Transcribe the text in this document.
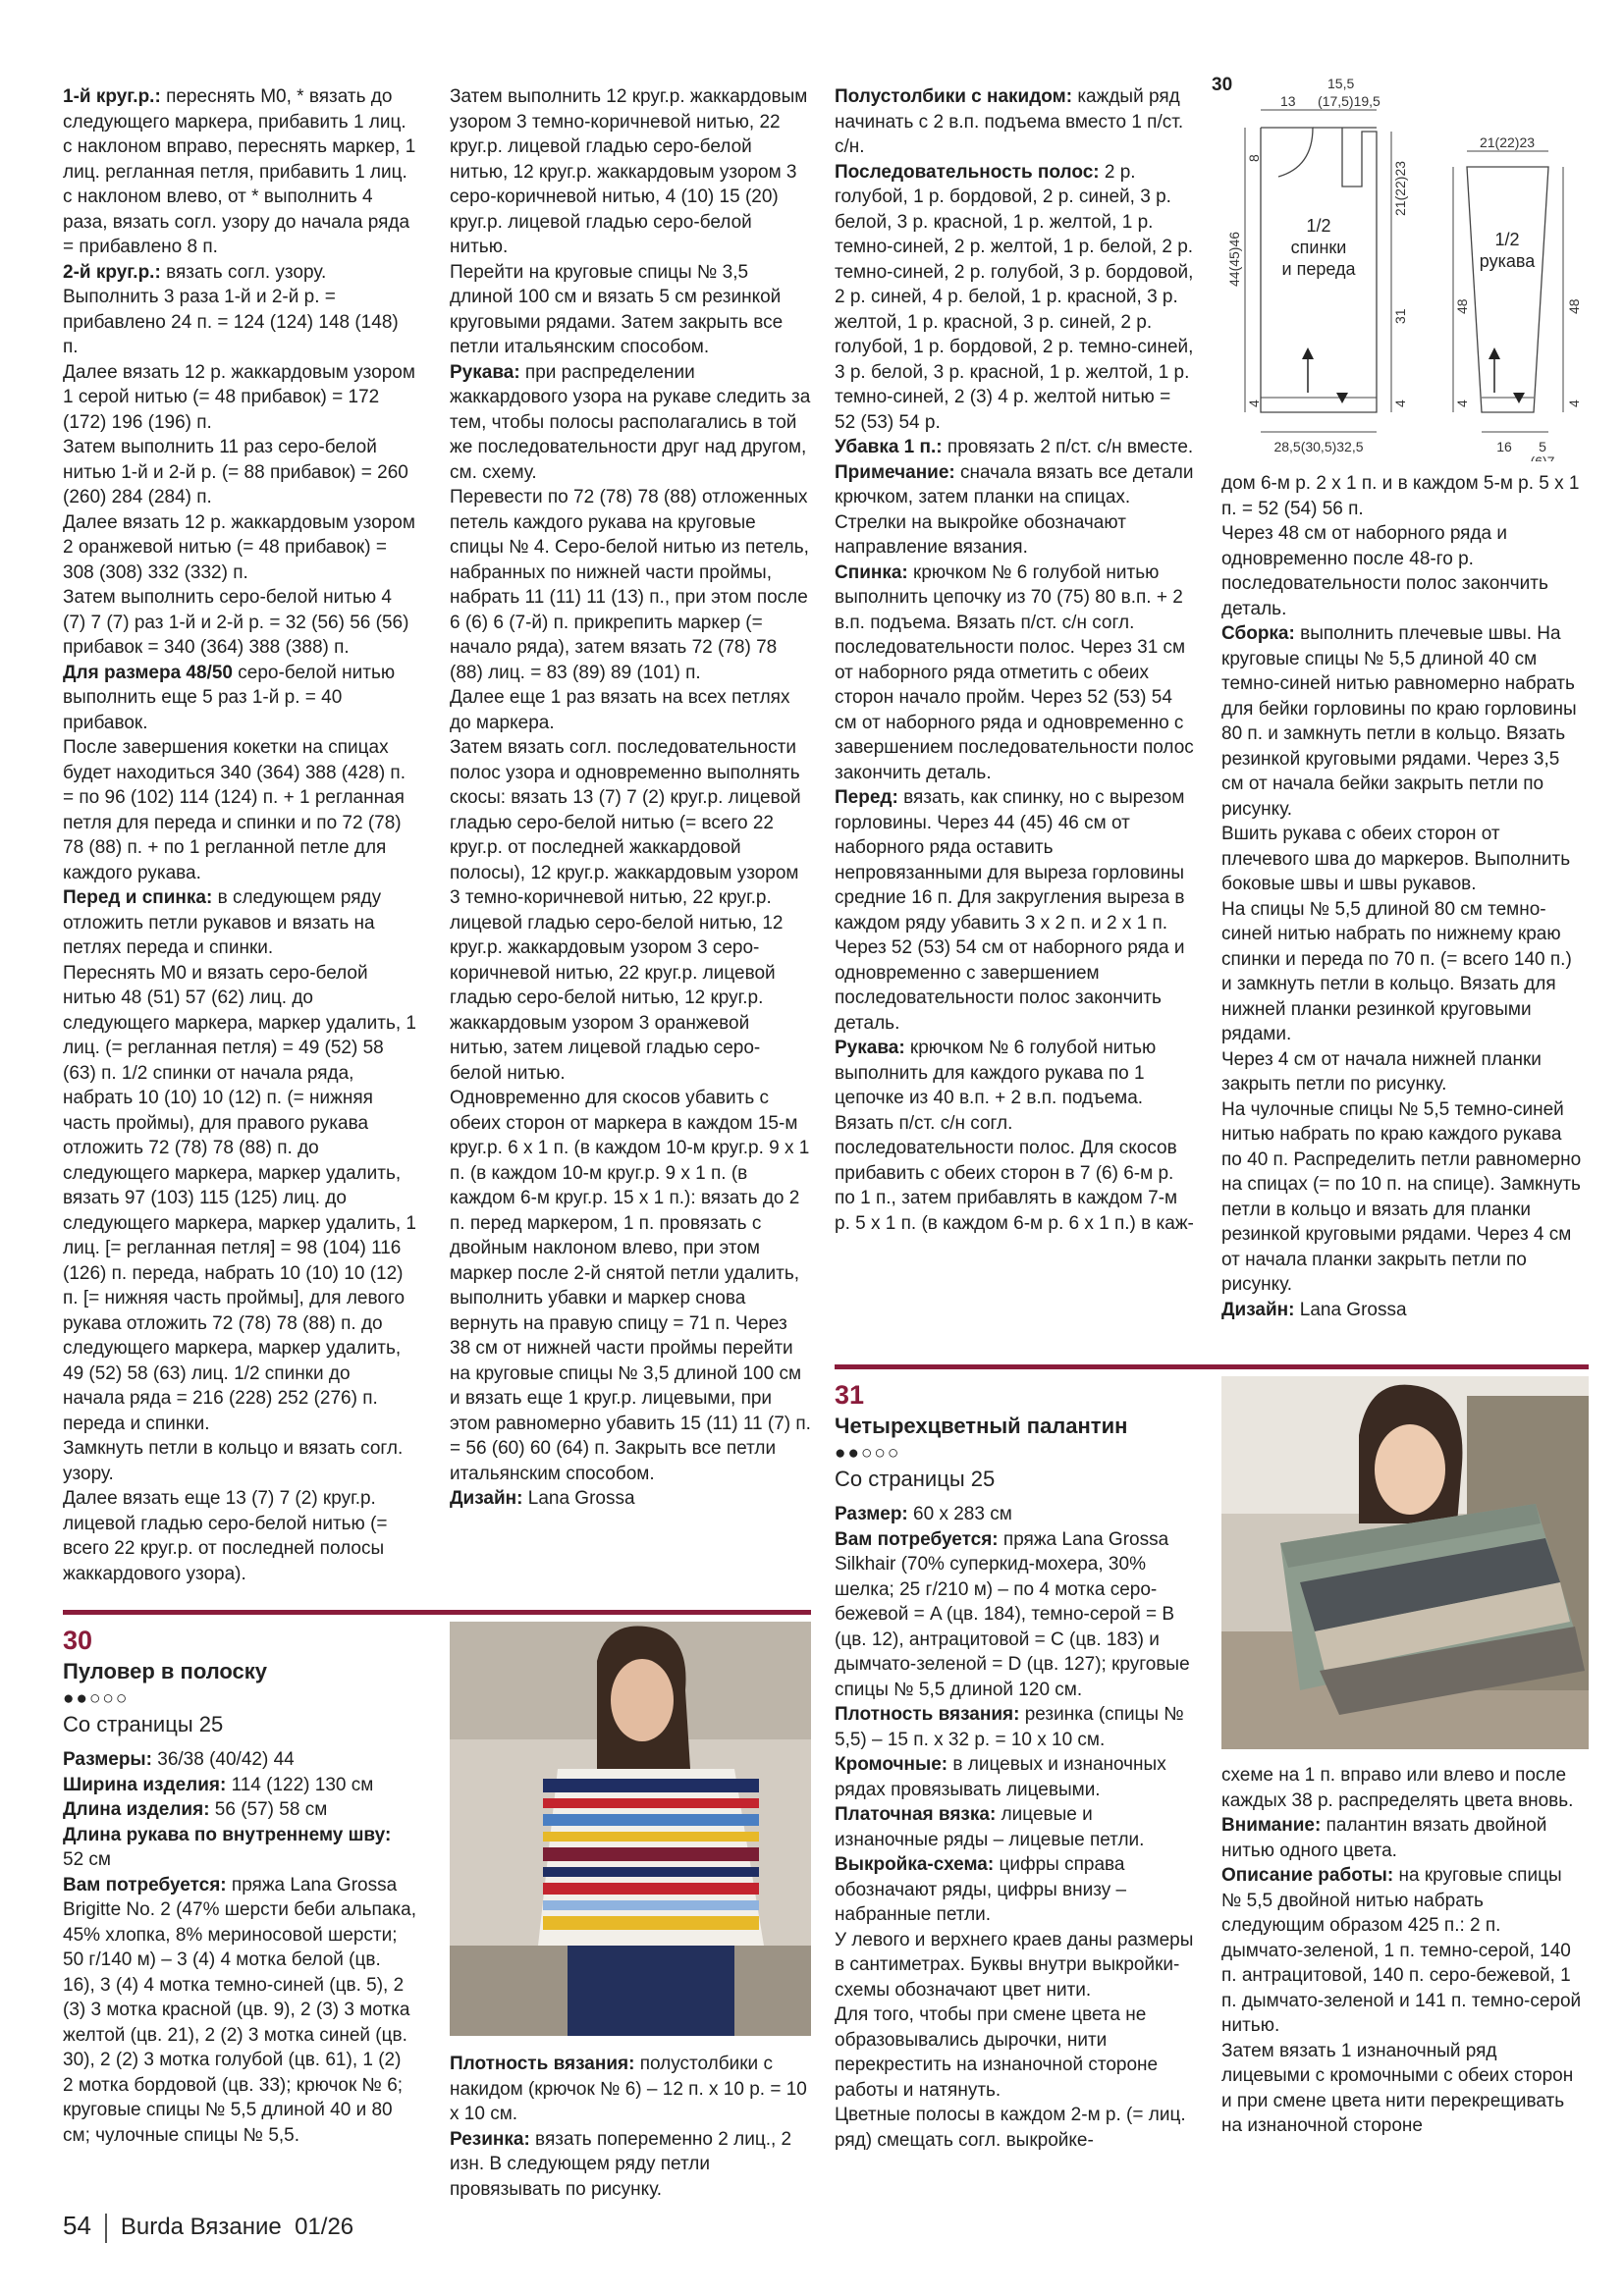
1-й круг.р.: переснять М0, * вязать до следующего маркера, прибавить 1 лиц. с наклоном вправо, переснять маркер, 1 лиц. регланная петля, прибавить 1 лиц. с наклоном влево, от * выполнить 4 раза, вязать согл. узору до начала ряда = прибавлено 8 п.

2-й круг.р.: вязать согл. узору.

Выполнить 3 раза 1-й и 2-й р. = прибавлено 24 п. = 124 (124) 148 (148) п.

Далее вязать 12 р. жаккардовым узором 1 серой нитью (= 48 прибавок) = 172 (172) 196 (196) п.

Затем выполнить 11 раз серо-белой нитью 1-й и 2-й р. (= 88 прибавок) = 260 (260) 284 (284) п.

Далее вязать 12 р. жаккардовым узором 2 оранжевой нитью (= 48 прибавок) = 308 (308) 332 (332) п.

Затем выполнить серо-белой нитью 4 (7) 7 (7) раз 1-й и 2-й р. = 32 (56) 56 (56) прибавок = 340 (364) 388 (388) п.

Для размера 48/50 серо-белой нитью выполнить еще 5 раз 1-й р. = 40 прибавок.

После завершения кокетки на спицах будет находиться 340 (364) 388 (428) п. = по 96 (102) 114 (124) п. + 1 регланная петля для переда и спинки и по 72 (78) 78 (88) п. + по 1 регланной петле для каждого рукава.

Перед и спинка: в следующем ряду отложить петли рукавов и вязать на петлях переда и спинки.

Переснять М0 и вязать серо-белой нитью 48 (51) 57 (62) лиц. до следующего маркера, маркер удалить, 1 лиц. (= регланная петля) = 49 (52) 58 (63) п. 1/2 спинки от начала ряда, набрать 10 (10) 10 (12) п. (= нижняя часть проймы), для правого рукава отложить 72 (78) 78 (88) п. до следующего маркера, маркер удалить, вязать 97 (103) 115 (125) лиц. до следующего маркера, маркер удалить, 1 лиц. [= регланная петля] = 98 (104) 116 (126) п. переда, набрать 10 (10) 10 (12) п. [= нижняя часть проймы], для левого рукава отложить 72 (78) 78 (88) п. до следующего маркера, маркер удалить, 49 (52) 58 (63) лиц. 1/2 спинки до начала ряда = 216 (228) 252 (276) п. переда и спинки.

Замкнуть петли в кольцо и вязать согл. узору.

Далее вязать еще 13 (7) 7 (2) круг.р. лицевой гладью серо-белой нитью (= всего 22 круг.р. от последней полосы жаккардового узора).

Затем выполнить 12 круг.р. жаккардовым узором 3 темно-коричневой нитью, 22 круг.р. лицевой гладью серо-белой нитью, 12 круг.р. жаккардовым узором 3 серо-коричневой нитью, 4 (10) 15 (20) круг.р. лицевой гладью серо-белой нитью.

Перейти на круговые спицы № 3,5 длиной 100 см и вязать 5 см резинкой круговыми рядами. Затем закрыть все петли итальянским способом.

Рукава: при распределении жаккардового узора на рукаве следить за тем, чтобы полосы располагались в той же последовательности друг над другом, см. схему.

Перевести по 72 (78) 78 (88) отложенных петель каждого рукава на круговые спицы № 4. Серо-белой нитью из петель, набранных по нижней части проймы, набрать 11 (11) 11 (13) п., при этом после 6 (6) 6 (7-й) п. прикрепить маркер (= начало ряда), затем вязать 72 (78) 78 (88) лиц. = 83 (89) 89 (101) п.

Далее еще 1 раз вязать на всех петлях до маркера.

Затем вязать согл. последовательности полос узора и одновременно выполнять скосы: вязать 13 (7) 7 (2) круг.р. лицевой гладью серо-белой нитью (= всего 22 круг.р. от последней жаккардовой полосы), 12 круг.р. жаккардовым узором 3 темно-коричневой нитью, 22 круг.р. лицевой гладью серо-белой нитью, 12 круг.р. жаккардовым узором 3 серо-коричневой нитью, 22 круг.р. лицевой гладью серо-белой нитью, 12 круг.р. жаккардовым узором 3 оранжевой нитью, затем лицевой гладью серо-белой нитью.

Одновременно для скосов убавить с обеих сторон от маркера в каждом 15-м круг.р. 6 х 1 п. (в каждом 10-м круг.р. 9 х 1 п. (в каждом 10-м круг.р. 9 х 1 п. (в каждом 6-м круг.р. 15 х 1 п.): вязать до 2 п. перед маркером, 1 п. провязать с двойным наклоном влево, при этом маркер после 2-й снятой петли удалить, выполнить убавки и маркер снова вернуть на правую спицу = 71 п. Через 38 см от нижней части проймы перейти на круговые спицы № 3,5 длиной 100 см и вязать еще 1 круг.р. лицевыми, при этом равномерно убавить 15 (11) 11 (7) п. = 56 (60) 60 (64) п. Закрыть все петли итальянским способом.

Дизайн: Lana Grossa

Полустолбики с накидом: каждый ряд начинать с 2 в.п. подъема вместо 1 п/ст. с/н.

Последовательность полос: 2 р. голубой, 1 р. бордовой, 2 р. синей, 3 р. белой, 3 р. красной, 1 р. желтой, 1 р. темно-синей, 2 р. желтой, 1 р. белой, 2 р. темно-синей, 2 р. голубой, 3 р. бордовой, 2 р. синей, 4 р. белой, 1 р. красной, 3 р. желтой, 1 р. красной, 3 р. синей, 2 р. голубой, 1 р. бордовой, 2 р. темно-синей, 3 р. белой, 3 р. красной, 1 р. желтой, 1 р. темно-синей, 2 (3) 4 р. желтой нитью = 52 (53) 54 р.

Убавка 1 п.: провязать 2 п/ст. с/н вместе.

Примечание: сначала вязать все детали крючком, затем планки на спицах. Стрелки на выкройке обозначают направление вязания.

Спинка: крючком № 6 голубой нитью выполнить цепочку из 70 (75) 80 в.п. + 2 в.п. подъема. Вязать п/ст. с/н согл. последовательности полос. Через 31 см от наборного ряда отметить с обеих сторон начало пройм. Через 52 (53) 54 см от наборного ряда и одновременно с завершением последовательности полос закончить деталь.

Перед: вязать, как спинку, но с вырезом горловины. Через 44 (45) 46 см от наборного ряда оставить непровязанными для выреза горловины средние 16 п. Для закругления выреза в каждом ряду убавить 3 х 2 п. и 2 х 1 п. Через 52 (53) 54 см от наборного ряда и одновременно с завершением последовательности полос закончить деталь.

Рукава: крючком № 6 голубой нитью выполнить для каждого рукава по 1 цепочке из 40 в.п. + 2 в.п. подъема. Вязать п/ст. с/н согл. последовательности полос. Для скосов прибавить с обеих сторон в 7 (6) 6-м р. по 1 п., затем прибавлять в каждом 7-м р. 5 х 1 п. (в каждом 6-м р. 6 х 1 п.) в каж-

30
13
15,5
(17,5)19,5
44(45)46
8
4
21(22)23
31
4
1/2
спинки
и переда
28,5(30,5)32,5
21(22)23
48	48
4	4
1/2
рукава
16 5
(6)7

дом 6-м р. 2 х 1 п. и в каждом 5-м р. 5 х 1 п. = 52 (54) 56 п.

Через 48 см от наборного ряда и одновременно после 48-го р. последовательности полос закончить деталь.

Сборка: выполнить плечевые швы. На круговые спицы № 5,5 длиной 40 см темно-синей нитью равномерно набрать для бейки горловины по краю горловины 80 п. и замкнуть петли в кольцо. Вязать резинкой круговыми рядами. Через 3,5 см от начала бейки закрыть петли по рисунку.

Вшить рукава с обеих сторон от плечевого шва до маркеров. Выполнить боковые швы и швы рукавов.

На спицы № 5,5 длиной 80 см темно-синей нитью набрать по нижнему краю спинки и переда по 70 п. (= всего 140 п.) и замкнуть петли в кольцо. Вязать для нижней планки резинкой круговыми рядами.

Через 4 см от начала нижней планки закрыть петли по рисунку.

На чулочные спицы № 5,5 темно-синей нитью набрать по краю каждого рукава по 40 п. Распределить петли равномерно на спицах (= по 10 п. на спице). Замкнуть петли в кольцо и вязать для планки резинкой круговыми рядами. Через 4 см от начала планки закрыть петли по рисунку.

Дизайн: Lana Grossa

31
Четырехцветный палантин
●●○○○
Со страницы 25

Размер: 60 х 283 см

Вам потребуется: пряжа Lana Grossa Silkhair (70% суперкид-мохера, 30% шелка; 25 г/210 м) – по 4 мотка серо-бежевой = A (цв. 184), темно-серой = B (цв. 12), антрацитовой = C (цв. 183) и дымчато-зеленой = D (цв. 127); круговые спицы № 5,5 длиной 120 см.

Плотность вязания: резинка (спицы № 5,5) – 15 п. х 32 р. = 10 х 10 см.

Кромочные: в лицевых и изнаночных рядах провязывать лицевыми.

Платочная вязка: лицевые и изнаночные ряды – лицевые петли.

Выкройка-схема: цифры справа обозначают ряды, цифры внизу – набранные петли.

У левого и верхнего краев даны размеры в сантиметрах. Буквы внутри выкройки-схемы обозначают цвет нити.

Для того, чтобы при смене цвета не образовывались дырочки, нити перекрестить на изнаночной стороне работы и натянуть.

Цветные полосы в каждом 2-м р. (= лиц. ряд) смещать согл. выкройке-

схеме на 1 п. вправо или влево и после каждых 38 р. распределять цвета вновь.

Внимание: палантин вязать двойной нитью одного цвета.

Описание работы: на круговые спицы № 5,5 двойной нитью набрать следующим образом 425 п.: 2 п. дымчато-зеленой, 1 п. темно-серой, 140 п. антрацитовой, 140 п. серо-бежевой, 1 п. дымчато-зеленой и 141 п. темно-серой нитью.

Затем вязать 1 изнаночный ряд лицевыми с кромочными с обеих сторон и при смене цвета нити перекрещивать на изнаночной стороне

30
Пуловер в полоску
●●○○○
Со страницы 25

Размеры: 36/38 (40/42) 44

Ширина изделия: 114 (122) 130 см

Длина изделия: 56 (57) 58 см

Длина рукава по внутреннему шву: 52 см

Вам потребуется: пряжа Lana Grossa Brigitte No. 2 (47% шерсти беби альпака, 45% хлопка, 8% мериносовой шерсти; 50 г/140 м) – 3 (4) 4 мотка белой (цв. 16), 3 (4) 4 мотка темно-синей (цв. 5), 2 (3) 3 мотка красной (цв. 9), 2 (3) 3 мотка желтой (цв. 21), 2 (2) 3 мотка синей (цв. 30), 2 (2) 3 мотка голубой (цв. 61), 1 (2) 2 мотка бордовой (цв. 33); крючок № 6; круговые спицы № 5,5 длиной 40 и 80 см; чулочные спицы № 5,5.

Плотность вязания: полустолбики с накидом (крючок № 6) – 12 п. х 10 р. = 10 х 10 см.

Резинка: вязать попеременно 2 лиц., 2 изн. В следующем ряду петли провязывать по рисунку.

54 Burda Вязание 01/26
